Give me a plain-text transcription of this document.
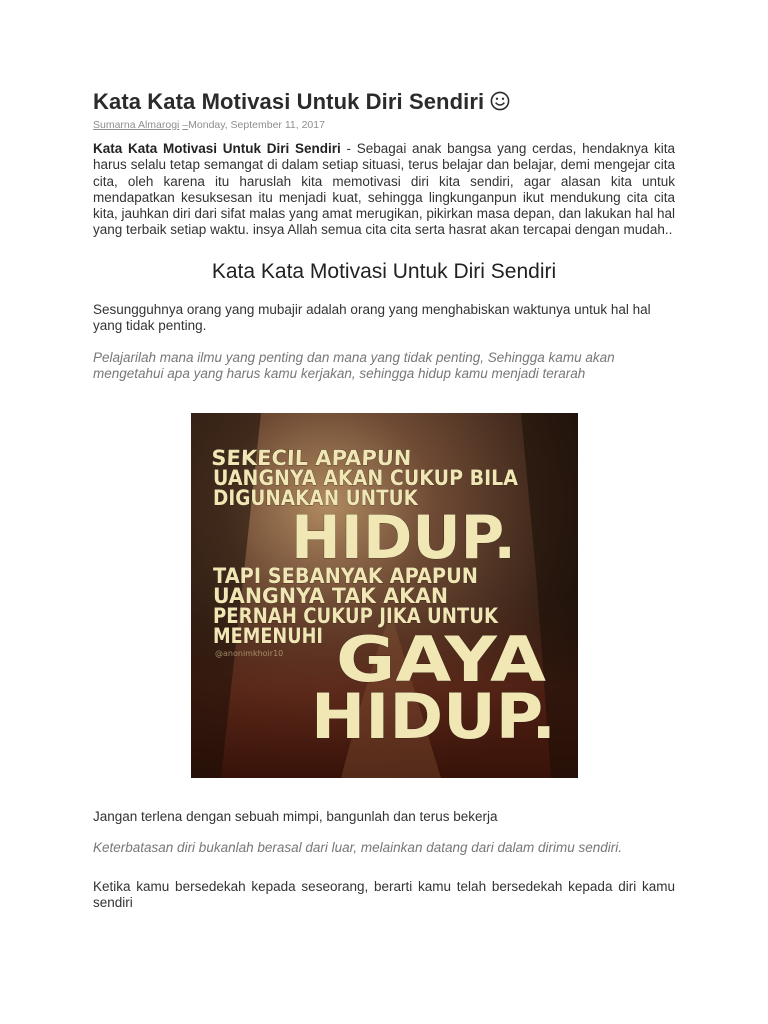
Kata Kata Motivasi Untuk Diri Sendiri
Sumarna Almarogi –Monday, September 11, 2017

Kata Kata Motivasi Untuk Diri Sendiri - Sebagai anak bangsa yang cerdas, hendaknya kita harus selalu tetap semangat di dalam setiap situasi, terus belajar dan belajar, demi mengejar cita cita, oleh karena itu haruslah kita memotivasi diri kita sendiri, agar alasan kita untuk mendapatkan kesuksesan itu menjadi kuat, sehingga lingkunganpun ikut mendukung cita cita kita, jauhkan diri dari sifat malas yang amat merugikan, pikirkan masa depan, dan lakukan hal hal yang terbaik setiap waktu. insya Allah semua cita cita serta hasrat akan tercapai dengan mudah..

Kata Kata Motivasi Untuk Diri Sendiri

Sesungguhnya orang yang mubajir adalah orang yang menghabiskan waktunya untuk hal hal yang tidak penting.

Pelajarilah mana ilmu yang penting dan mana yang tidak penting, Sehingga kamu akan mengetahui apa yang harus kamu kerjakan, sehingga hidup kamu menjadi terarah

SEKECIL APAPUN
UANGNYA AKAN CUKUP BILA
DIGUNAKAN UNTUK
HIDUP.
TAPI SEBANYAK APAPUN
UANGNYA TAK AKAN
PERNAH CUKUP JIKA UNTUK
MEMENUHI GAYA
HIDUP.
@anonimkhoir10

Jangan terlena dengan sebuah mimpi, bangunlah dan terus bekerja

Keterbatasan diri bukanlah berasal dari luar, melainkan datang dari dalam dirimu sendiri.

Ketika kamu bersedekah kepada seseorang, berarti kamu telah bersedekah kepada diri kamu sendiri
